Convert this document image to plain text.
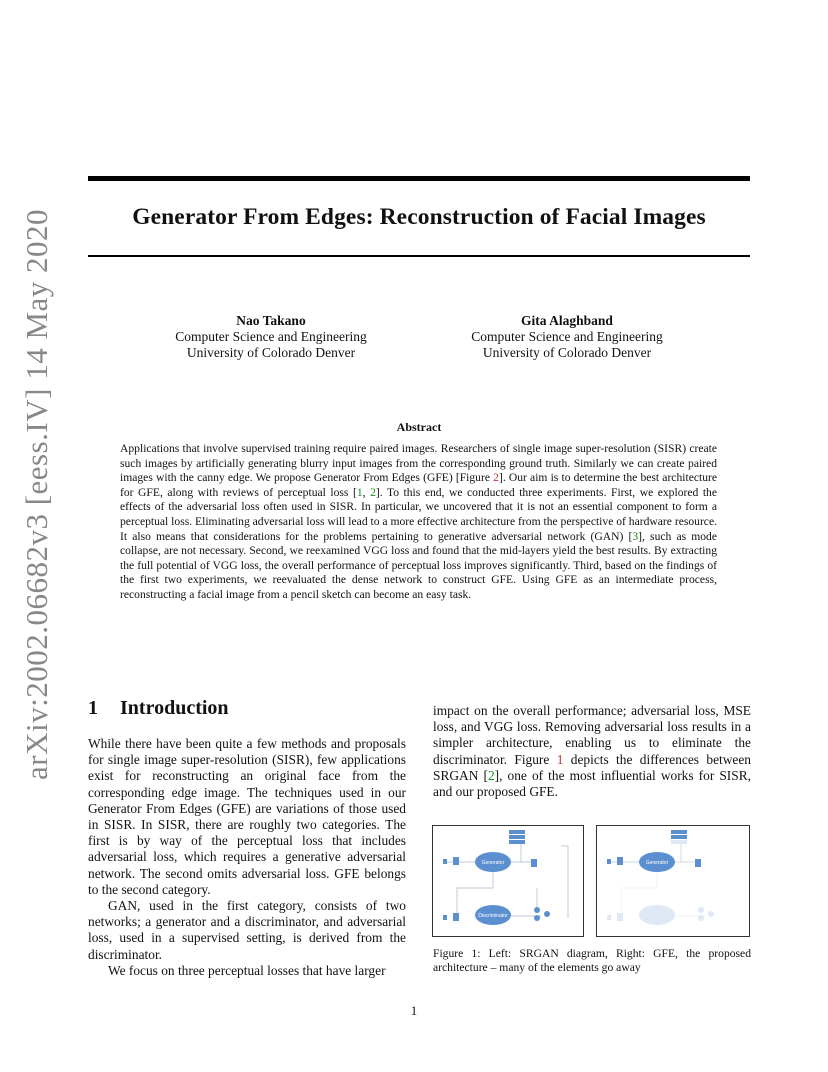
arXiv:2002.06682v3 [eess.IV] 14 May 2020	Generator From Edges: Reconstruction of Facial Images
Nao Takano
Computer Science and Engineering
University of Colorado Denver
Gita Alaghband
Computer Science and Engineering
University of Colorado Denver
Abstract
Applications that involve supervised training require paired images. Researchers of single image super-resolution (SISR) create such images by artificially generating blurry input images from the corresponding ground truth. Similarly we can create paired images with the canny edge. We propose Generator From Edges (GFE) [Figure 2]. Our aim is to determine the best architecture for GFE, along with reviews of perceptual loss [1, 2]. To this end, we conducted three experiments. First, we explored the effects of the adversarial loss often used in SISR. In particular, we uncovered that it is not an essential component to form a perceptual loss. Eliminating adversarial loss will lead to a more effective architecture from the perspective of hardware resource. It also means that considerations for the problems pertaining to generative adversarial network (GAN) [3], such as mode collapse, are not necessary. Second, we reexamined VGG loss and found that the mid-layers yield the best results. By extracting the full potential of VGG loss, the overall performance of perceptual loss improves significantly. Third, based on the findings of the first two experiments, we reevaluated the dense network to construct GFE. Using GFE as an intermediate process, reconstructing a facial image from a pencil sketch can become an easy task.
1 Introduction

While there have been quite a few methods and proposals for single image super-resolution (SISR), few applications exist for reconstructing an original face from the corresponding edge image. The techniques used in our Generator From Edges (GFE) are variations of those used in SISR. In SISR, there are roughly two categories. The first is by way of the perceptual loss that includes adversarial loss, which requires a generative adversarial network. The second omits adversarial loss. GFE belongs to the second category.

GAN, used in the first category, consists of two networks; a generator and a discriminator, and adversarial loss, used in a supervised setting, is derived from the discriminator.

We focus on three perceptual losses that have larger

impact on the overall performance; adversarial loss, MSE loss, and VGG loss. Removing adversarial loss results in a simpler architecture, enabling us to eliminate the discriminator. Figure 1 depicts the differences between SRGAN [2], one of the most influential works for SISR, and our proposed GFE.

Generator
Discriminator
Generator
Figure 1: Left: SRGAN diagram, Right: GFE, the proposed architecture – many of the elements go away
1
